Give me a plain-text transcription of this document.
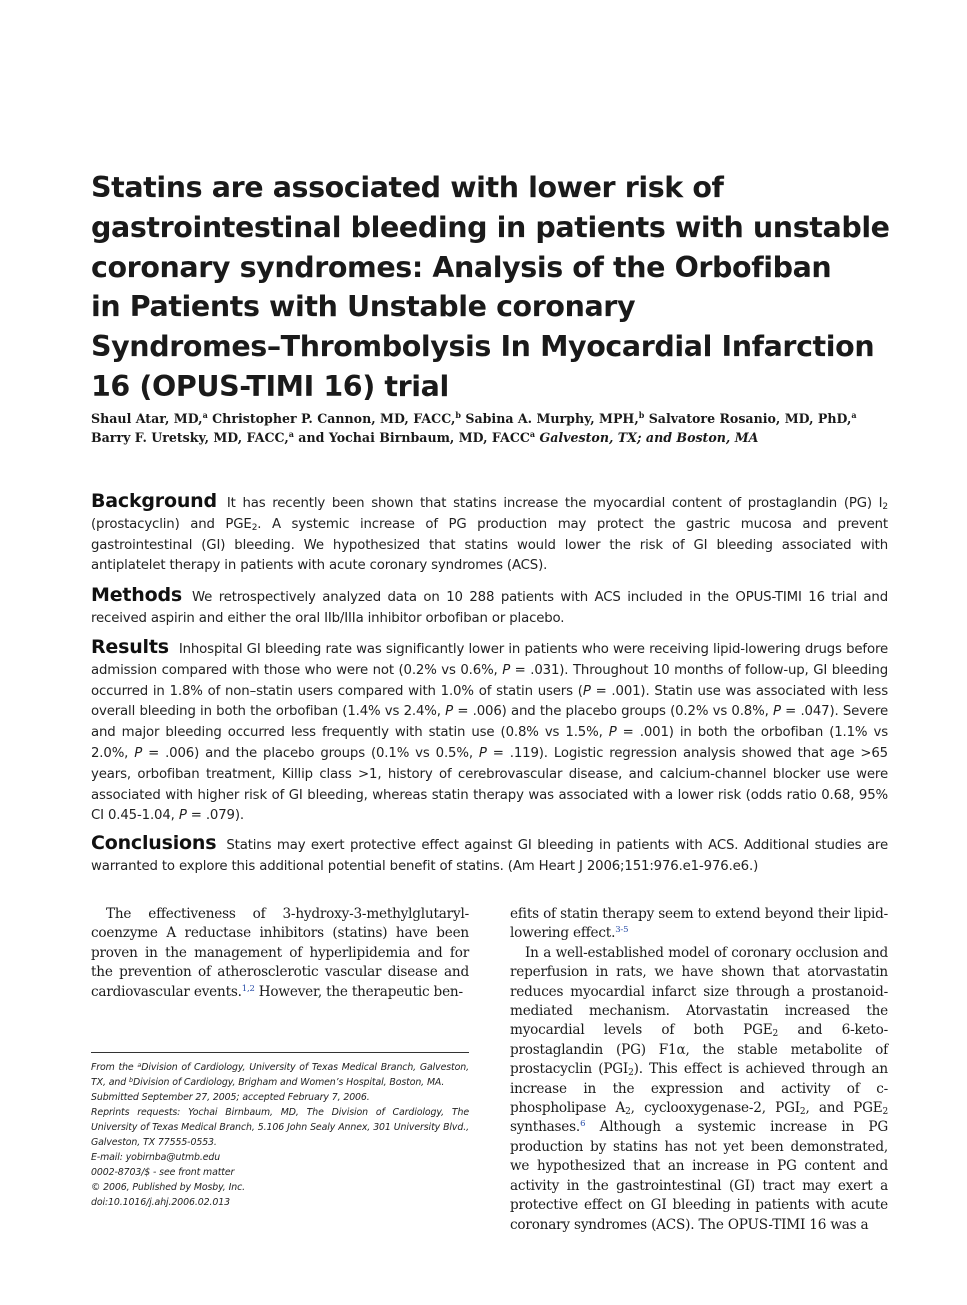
Statins are associated with lower risk of
gastrointestinal bleeding in patients with unstable
coronary syndromes: Analysis of the Orbofiban
in Patients with Unstable coronary
Syndromes–Thrombolysis In Myocardial Infarction
16 (OPUS-TIMI 16) trial
Shaul Atar, MD,$^a$ Christopher P. Cannon, MD, FACC,$^b$ Sabina A. Murphy, MPH,$^b$ Salvatore Rosanio, MD, PhD,$^a$
Barry F. Uretsky, MD, FACC,$^a$ and Yochai Birnbaum, MD, FACC$^a$ Galveston, TX; and Boston, MA
Background It has recently been shown that statins increase the myocardial content of prostaglandin (PG) $I_2$ (prostacyclin) and $PGE_2$. A systemic increase of PG production may protect the gastric mucosa and prevent gastrointestinal (GI) bleeding. We hypothesized that statins would lower the risk of GI bleeding associated with antiplatelet therapy in patients with acute coronary syndromes (ACS).
Methods We retrospectively analyzed data on 10 288 patients with ACS included in the OPUS-TIMI 16 trial and received aspirin and either the oral IIb/IIIa inhibitor orbofiban or placebo.
Results Inhospital GI bleeding rate was significantly lower in patients who were receiving lipid-lowering drugs before admission compared with those who were not (0.2% vs 0.6%, P = .031). Throughout 10 months of follow-up, GI bleeding occurred in 1.8% of non–statin users compared with 1.0% of statin users (P = .001). Statin use was associated with less overall bleeding in both the orbofiban (1.4% vs 2.4%, P = .006) and the placebo groups (0.2% vs 0.8%, P = .047). Severe and major bleeding occurred less frequently with statin use (0.8% vs 1.5%, P = .001) in both the orbofiban (1.1% vs 2.0%, P = .006) and the placebo groups (0.1% vs 0.5%, P = .119). Logistic regression analysis showed that age >65 years, orbofiban treatment, Killip class >1, history of cerebrovascular disease, and calcium-channel blocker use were associated with higher risk of GI bleeding, whereas statin therapy was associated with a lower risk (odds ratio 0.68, 95% CI 0.45-1.04, P = .079).
Conclusions Statins may exert protective effect against GI bleeding in patients with ACS. Additional studies are warranted to explore this additional potential benefit of statins. (Am Heart J 2006;151:976.e1-976.e6.)

The effectiveness of 3-hydroxy-3-methylglutaryl-coenzyme A reductase inhibitors (statins) have been proven in the management of hyperlipidemia and for the prevention of atherosclerotic vascular disease and cardiovascular events.$^{1,2}$ However, the therapeutic ben-

From the $^a$Division of Cardiology, University of Texas Medical Branch, Galveston, TX, and $^b$Division of Cardiology, Brigham and Women’s Hospital, Boston, MA.

Submitted September 27, 2005; accepted February 7, 2006.

Reprints requests: Yochai Birnbaum, MD, The Division of Cardiology, The University of Texas Medical Branch, 5.106 John Sealy Annex, 301 University Blvd., Galveston, TX 77555-0553.

E-mail: yobirnba@utmb.edu

0002-8703/$ - see front matter

© 2006, Published by Mosby, Inc.

doi:10.1016/j.ahj.2006.02.013

efits of statin therapy seem to extend beyond their lipid-lowering effect.$^{3-5}$

In a well-established model of coronary occlusion and reperfusion in rats, we have shown that atorvastatin reduces myocardial infarct size through a prostanoid-mediated mechanism. Atorvastatin increased the myocardial levels of both $PGE_2$ and 6-keto-prostaglandin (PG) F1α, the stable metabolite of prostacyclin $(PGI_2)$. This effect is achieved through an increase in the expression and activity of c-phospholipase $A_2$, cyclooxygenase-2, $PGI_2$, and $PGE_2$ synthases.$^6$ Although a systemic increase in PG production by statins has not yet been demonstrated, we hypothesized that an increase in PG content and activity in the gastrointestinal (GI) tract may exert a protective effect on GI bleeding in patients with acute coronary syndromes (ACS). The OPUS-TIMI 16 was a
